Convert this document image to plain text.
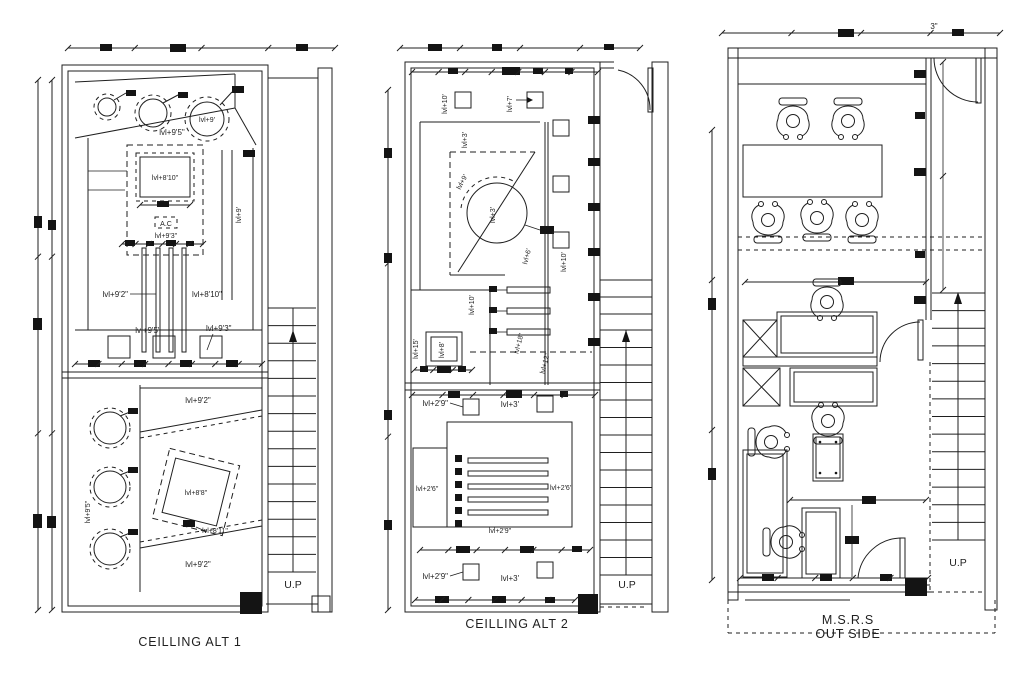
lvl+9'
lvl+9'5"
lvl+9'
lvl+8'10"
A.C
lvl+9'3"
lvl+9'2"	lvl+8'10"
lvl+9'5"	lvl+9'3"
lvl+9'5"
lvl+9'2"
lvl+8'8"
lvl+8'11"
lvl+9'2"
U.P
CEILLING ALT 1
lvl+10'	lvl+7'
lvl+3'
lvl+9'
lvl+3'
lvl+6'	lvl+10'
lvl+8'
lvl+15'
lvl+10'
lvl+18"
lvl+12"
lvl+2'9"	lvl+3'
lvl+2'6"	lvl+2'6"
lvl+2'9"
lvl+2'9"	lvl+3'
U.P
CEILLING ALT 2
3"
U.P
M.S.R.S
OUT SIDE
